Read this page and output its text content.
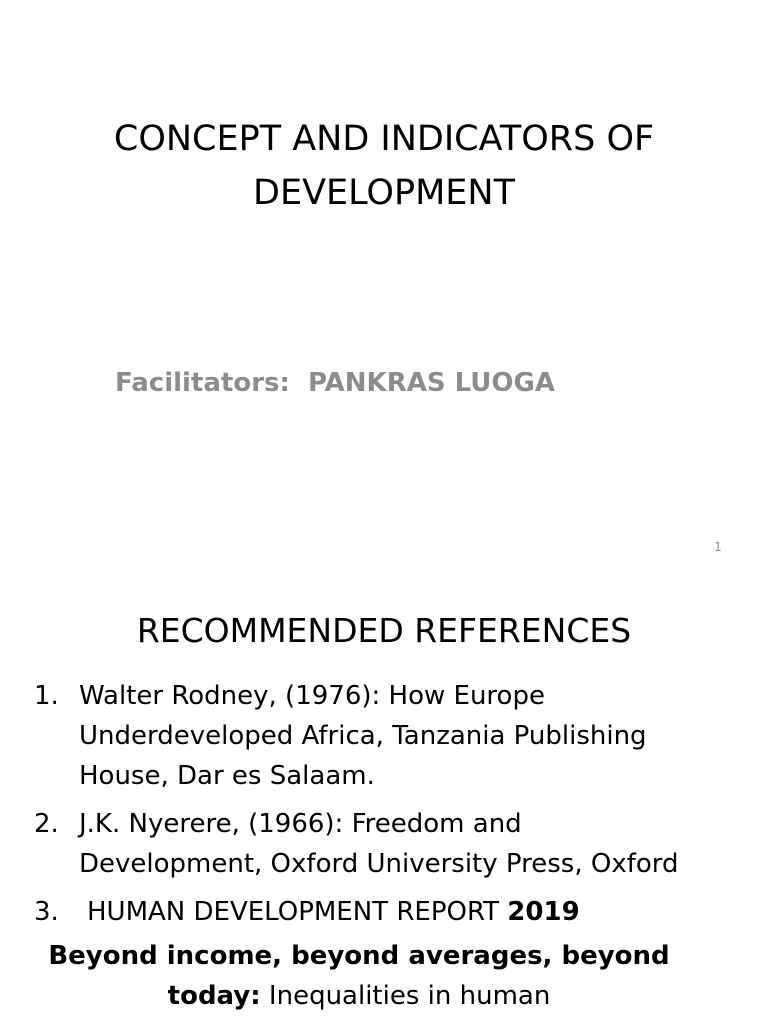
CONCEPT AND INDICATORS OF
DEVELOPMENT

Facilitators: PANKRAS LUOGA

1
RECOMMENDED REFERENCES
1. Walter Rodney, (1976): How Europe
Underdeveloped Africa, Tanzania Publishing
House, Dar es Salaam.
2. J.K. Nyerere, (1966): Freedom and
Development, Oxford University Press, Oxford
3. HUMAN DEVELOPMENT REPORT 2019
Beyond income, beyond averages, beyond
today: Inequalities in human
